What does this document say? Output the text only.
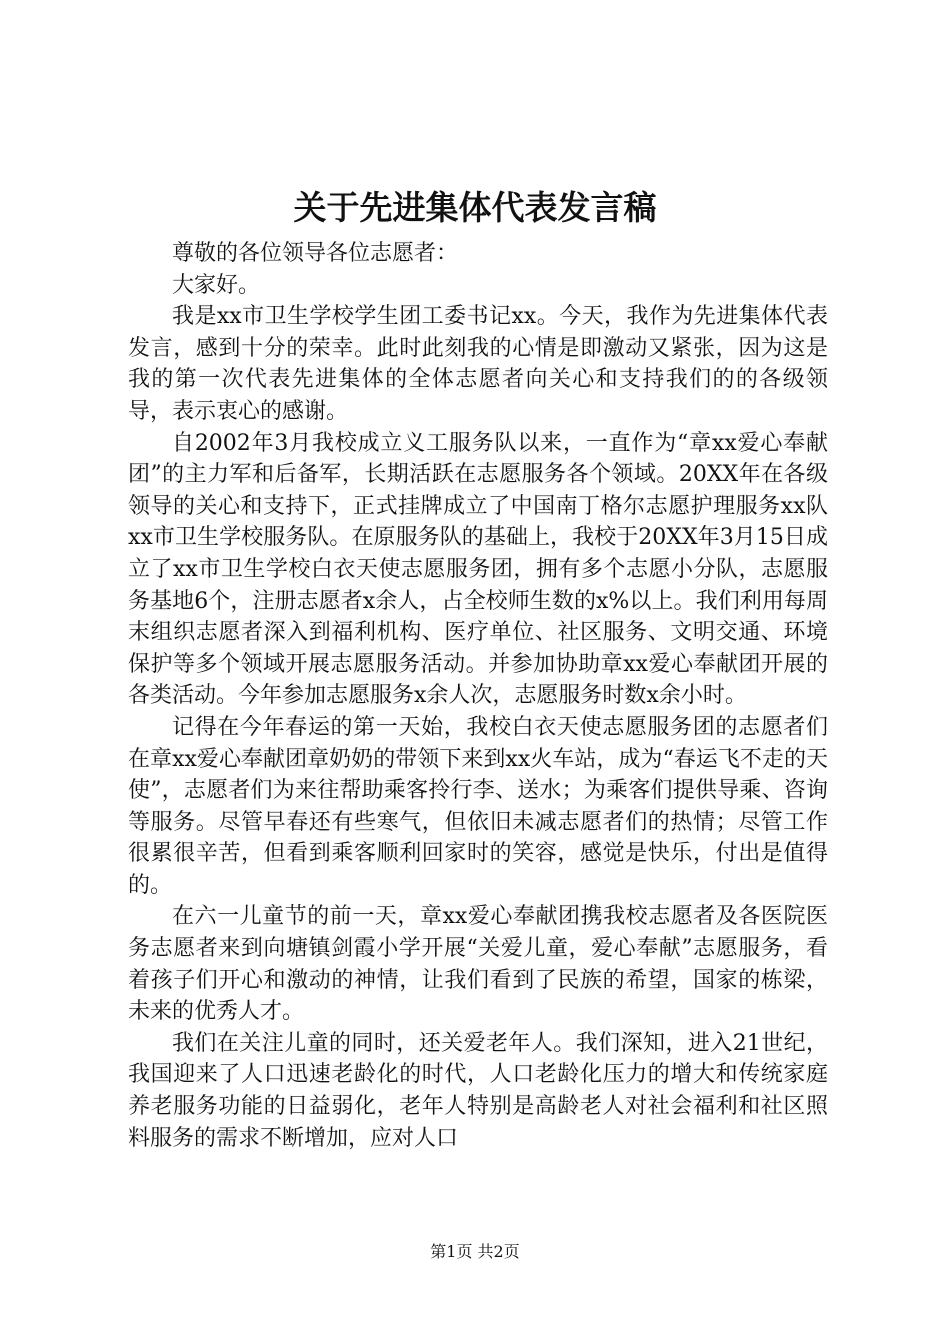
关于先进集体代表发言稿

尊敬的各位领导各位志愿者：

大家好。

我是xx市卫生学校学生团工委书记xx。今天，我作为先进集体代表发言，感到十分的荣幸。此时此刻我的心情是即激动又紧张，因为这是我的第一次代表先进集体的全体志愿者向关心和支持我们的的各级领导，表示衷心的感谢。

自2002年3月我校成立义工服务队以来，一直作为“章xx爱心奉献团”的主力军和后备军，长期活跃在志愿服务各个领域。20XX年在各级领导的关心和支持下，正式挂牌成立了中国南丁格尔志愿护理服务xx队xx市卫生学校服务队。在原服务队的基础上，我校于20XX年3月15日成立了xx市卫生学校白衣天使志愿服务团，拥有多个志愿小分队，志愿服务基地6个，注册志愿者x余人，占全校师生数的x%以上。我们利用每周末组织志愿者深入到福利机构、医疗单位、社区服务、文明交通、环境保护等多个领域开展志愿服务活动。并参加协助章xx爱心奉献团开展的各类活动。今年参加志愿服务x余人次，志愿服务时数x余小时。

记得在今年春运的第一天始，我校白衣天使志愿服务团的志愿者们在章xx爱心奉献团章奶奶的带领下来到xx火车站，成为“春运飞不走的天使”，志愿者们为来往帮助乘客拎行李、送水；为乘客们提供导乘、咨询等服务。尽管早春还有些寒气，但依旧未减志愿者们的热情；尽管工作很累很辛苦，但看到乘客顺利回家时的笑容，感觉是快乐，付出是值得的。

在六一儿童节的前一天，章xx爱心奉献团携我校志愿者及各医院医务志愿者来到向塘镇剑霞小学开展“关爱儿童，爱心奉献”志愿服务，看着孩子们开心和激动的神情，让我们看到了民族的希望，国家的栋梁，未来的优秀人才。

我们在关注儿童的同时，还关爱老年人。我们深知，进入21世纪，我国迎来了人口迅速老龄化的时代，人口老龄化压力的增大和传统家庭养老服务功能的日益弱化，老年人特别是高龄老人对社会福利和社区照料服务的需求不断增加，应对人口

第1页 共2页
